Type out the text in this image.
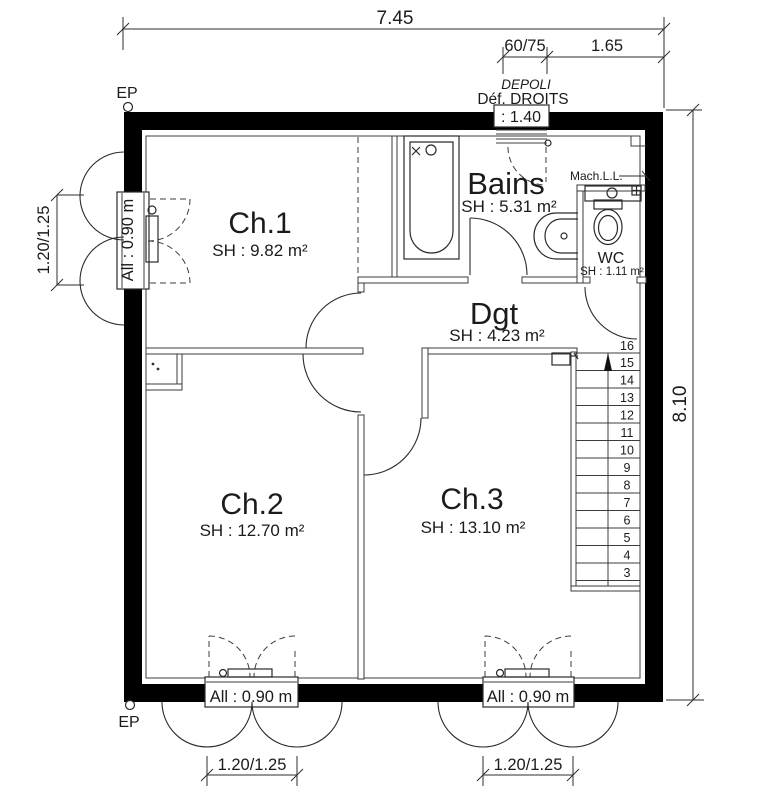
16
15
14
13
12
11
10
9
8
7
6
5
4
3
7.45
60/75	1.65
8.10
1.20/1.25
1.20/1.25	1.20/1.25
: 1.40
EP
EP
DEPOLI
Déf. DROITS
Mach.L.L.
All : 0.90 m
All : 0.90 m	All : 0.90 m
Ch.1
SH : 9.82 m²
Ch.2
SH : 12.70 m²
Ch.3
SH : 13.10 m²
Bains
SH : 5.31 m²
Dgt
SH : 4.23 m²
WC
SH : 1.11 m²
